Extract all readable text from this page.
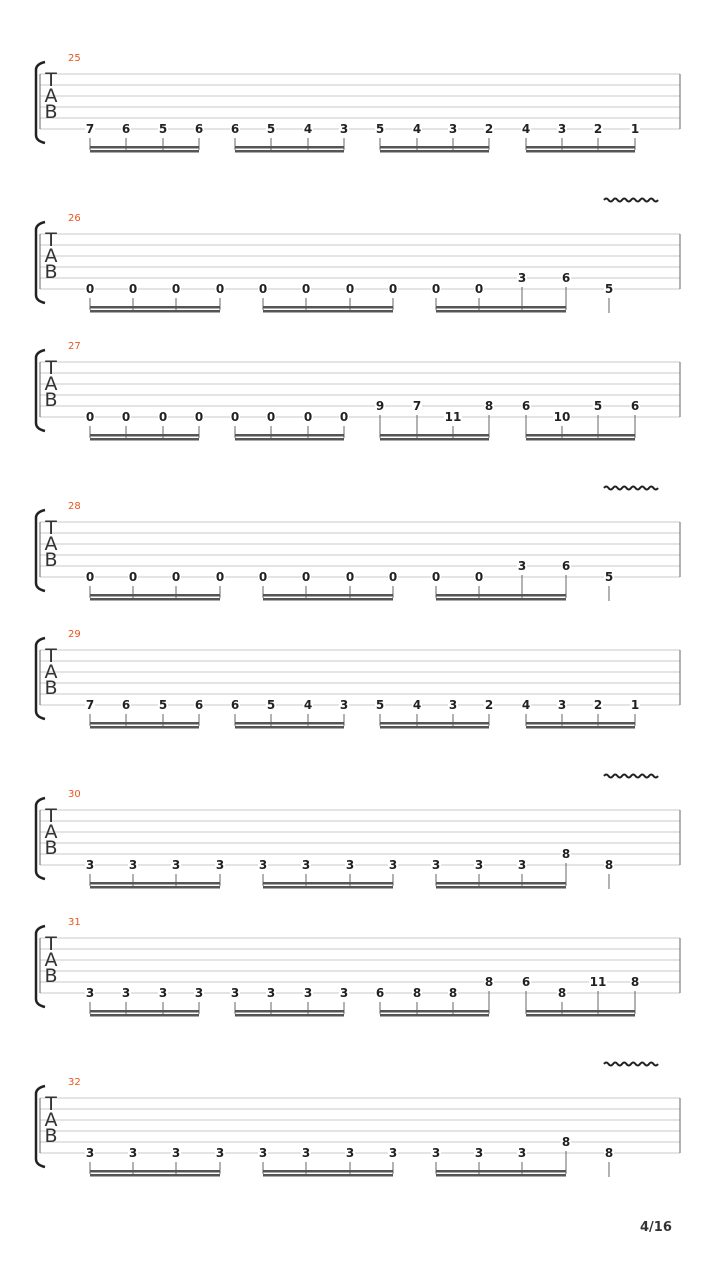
T
A
B
25
7 6 5 6 6 5 4 3 5 4 3 2 4 3 2 1
T
A
B
26
0	0	0	0	0	0	0	0	0	0
3	6
5
T
A
B
27
0 0 0 0 0 0 0 0
9 7
11
8 6
10
5 6
T
A
B
28
0	0	0	0	0	0	0	0	0	0
3	6
5
T
A
B
29
7 6 5 6 6 5 4 3 5 4 3 2 4 3 2 1
T
A
B
30
3	3	3	3	3	3	3	3	3	3	3
8
8
T
A
B
31
3 3 3 3 3 3 3 3 6 8 8
8 6
8
11 8
T
A
B
32
3	3	3	3	3	3	3	3	3	3	3
8
8
4/16
